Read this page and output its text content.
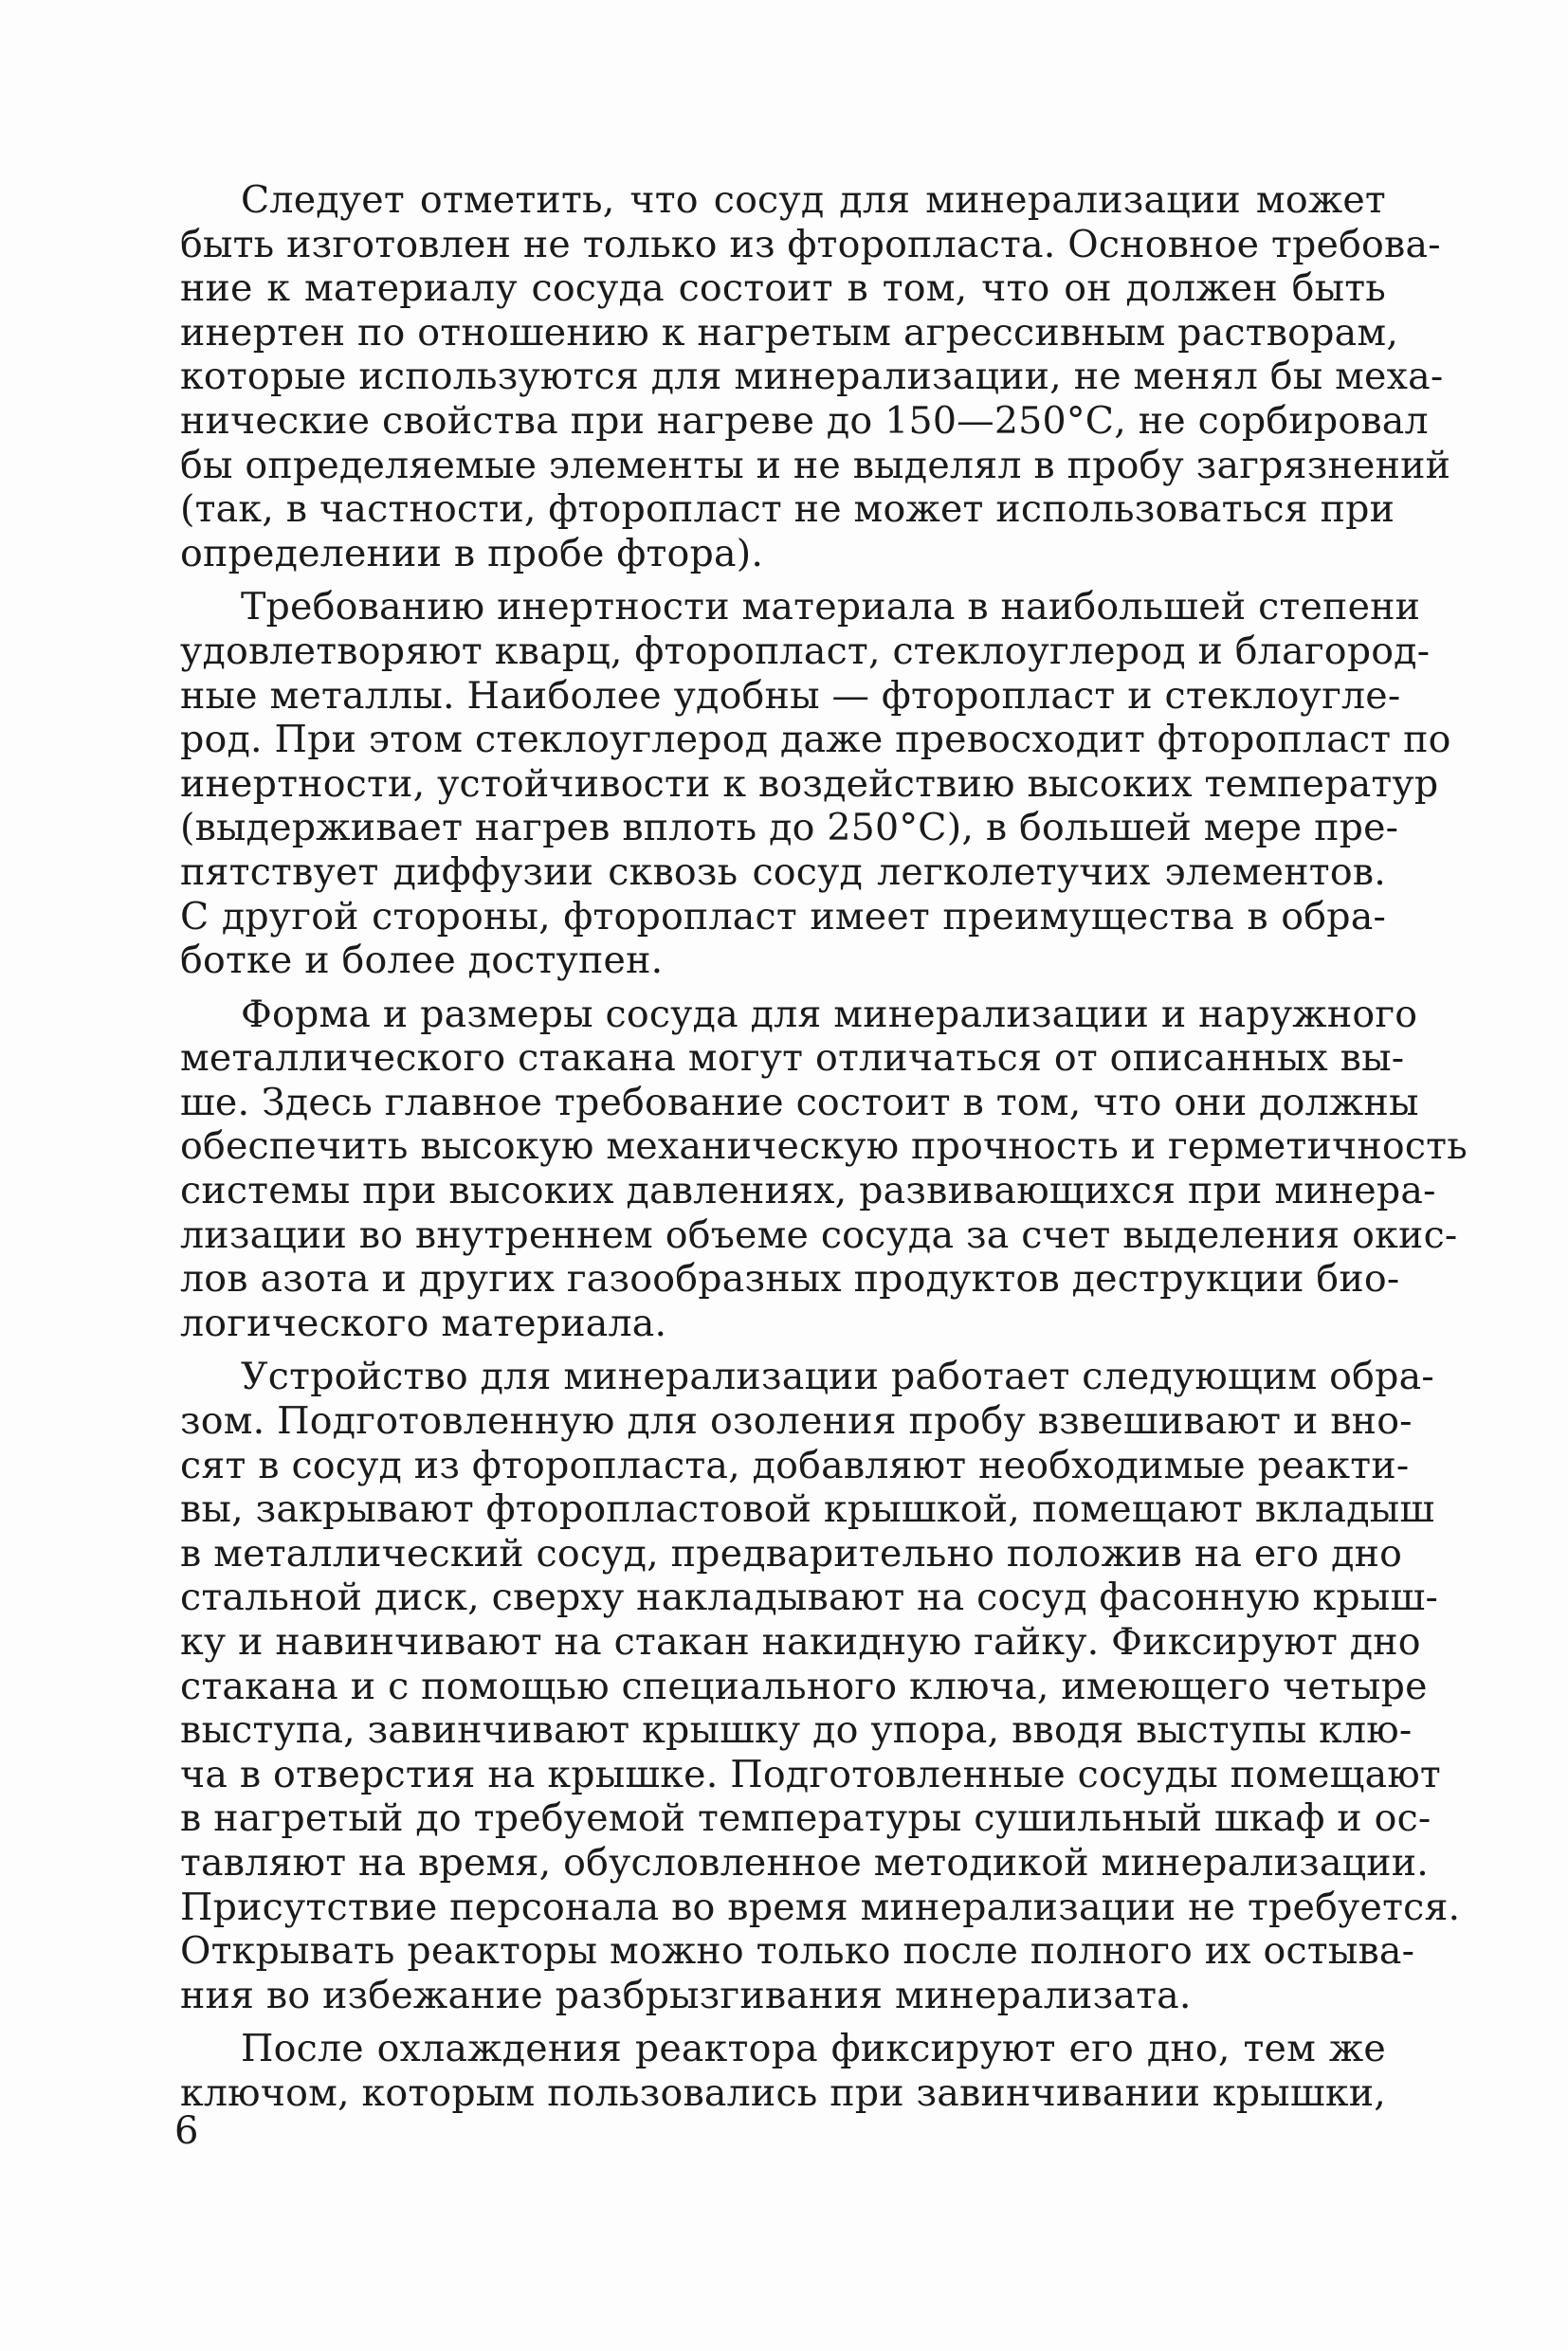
Следует отметить, что сосуд для минерализации может
быть изготовлен не только из фторопласта. Основное требова-
ние к материалу сосуда состоит в том, что он должен быть
инертен по отношению к нагретым агрессивным растворам,
которые используются для минерализации, не менял бы меха-
нические свойства при нагреве до 150—250°С, не сорбировал
бы определяемые элементы и не выделял в пробу загрязнений
(так, в частности, фторопласт не может использоваться при
определении в пробе фтора).
Требованию инертности материала в наибольшей степени
удовлетворяют кварц, фторопласт, стеклоуглерод и благород-
ные металлы. Наиболее удобны — фторопласт и стеклоугле-
род. При этом стеклоуглерод даже превосходит фторопласт по
инертности, устойчивости к воздействию высоких температур
(выдерживает нагрев вплоть до 250°С), в большей мере пре-
пятствует диффузии сквозь сосуд легколетучих элементов.
С другой стороны, фторопласт имеет преимущества в обра-
ботке и более доступен.
Форма и размеры сосуда для минерализации и наружного
металлического стакана могут отличаться от описанных вы-
ше. Здесь главное требование состоит в том, что они должны
обеспечить высокую механическую прочность и герметичность
системы при высоких давлениях, развивающихся при минера-
лизации во внутреннем объеме сосуда за счет выделения окис-
лов азота и других газообразных продуктов деструкции био-
логического материала.
Устройство для минерализации работает следующим обра-
зом. Подготовленную для озоления пробу взвешивают и вно-
сят в сосуд из фторопласта, добавляют необходимые реакти-
вы, закрывают фторопластовой крышкой, помещают вкладыш
в металлический сосуд, предварительно положив на его дно
стальной диск, сверху накладывают на сосуд фасонную крыш-
ку и навинчивают на стакан накидную гайку. Фиксируют дно
стакана и с помощью специального ключа, имеющего четыре
выступа, завинчивают крышку до упора, вводя выступы клю-
ча в отверстия на крышке. Подготовленные сосуды помещают
в нагретый до требуемой температуры сушильный шкаф и ос-
тавляют на время, обусловленное методикой минерализации.
Присутствие персонала во время минерализации не требуется.
Открывать реакторы можно только после полного их остыва-
ния во избежание разбрызгивания минерализата.
После охлаждения реактора фиксируют его дно, тем же
ключом, которым пользовались при завинчивании крышки,
6
